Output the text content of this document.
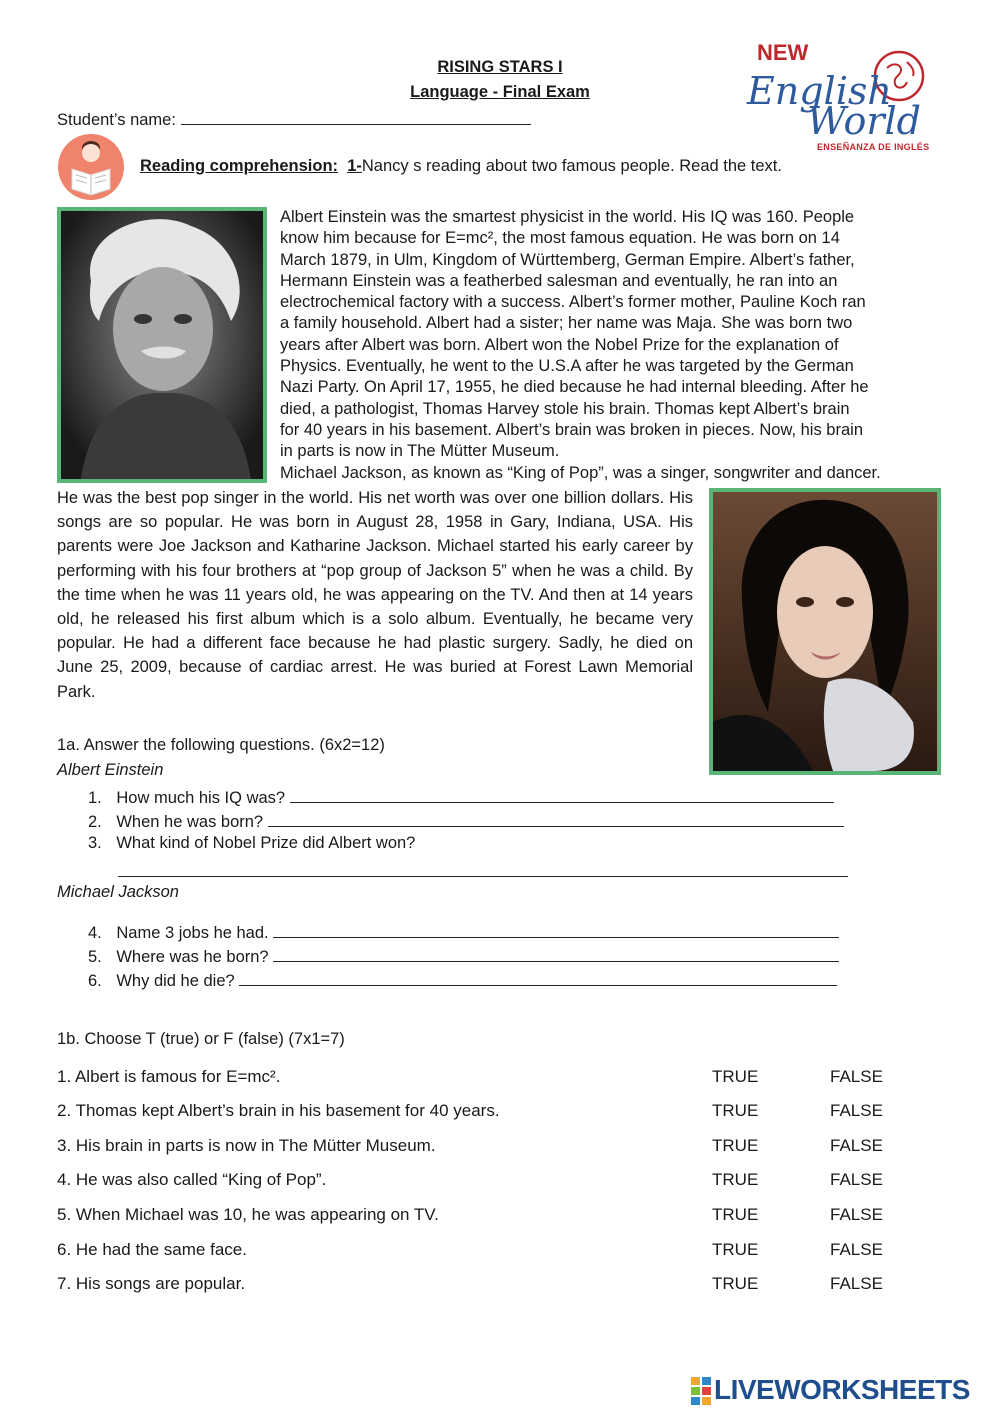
RISING STARS I
Language - Final Exam
Student’s name:
NEW
English
World
ENSEÑANZA DE INGLÉS
Reading comprehension: 1-Nancy s reading about two famous people. Read the text.
Albert Einstein was the smartest physicist in the world. His IQ was 160. People
know him because for E=mc², the most famous equation. He was born on 14
March 1879, in Ulm, Kingdom of Württemberg, German Empire. Albert’s father,
Hermann Einstein was a featherbed salesman and eventually, he ran into an
electrochemical factory with a success. Albert’s former mother, Pauline Koch ran
a family household. Albert had a sister; her name was Maja. She was born two
years after Albert was born. Albert won the Nobel Prize for the explanation of
Physics. Eventually, he went to the U.S.A after he was targeted by the German
Nazi Party. On April 17, 1955, he died because he had internal bleeding. After he
died, a pathologist, Thomas Harvey stole his brain. Thomas kept Albert’s brain
for 40 years in his basement. Albert’s brain was broken in pieces. Now, his brain
in parts is now in The Mütter Museum.
Michael Jackson, as known as “King of Pop”, was a singer, songwriter and dancer.
He was the best pop singer in the world. His net worth was over one billion dollars. His songs are so popular. He was born in August 28, 1958 in Gary, Indiana, USA. His parents were Joe Jackson and Katharine Jackson. Michael started his early career by performing with his four brothers at “pop group of Jackson 5” when he was a child. By the time when he was 11 years old, he was appearing on the TV. And then at 14 years old, he released his first album which is a solo album. Eventually, he became very popular. He had a different face because he had plastic surgery. Sadly, he died on June 25, 2009, because of cardiac arrest. He was buried at Forest Lawn Memorial Park.
1a. Answer the following questions. (6x2=12)
Albert Einstein
1. How much his IQ was?
2. When he was born?
3. What kind of Nobel Prize did Albert won?
Michael Jackson
4. Name 3 jobs he had.
5. Where was he born?
6. Why did he die?
1b. Choose T (true) or F (false) (7x1=7)
1. Albert is famous for E=mc².	TRUE	FALSE
2. Thomas kept Albert’s brain in his basement for 40 years.	TRUE	FALSE
3. His brain in parts is now in The Mütter Museum.	TRUE	FALSE
4. He was also called “King of Pop”.	TRUE	FALSE
5. When Michael was 10, he was appearing on TV.	TRUE	FALSE
6. He had the same face.	TRUE	FALSE
7. His songs are popular.	TRUE	FALSE
LIVEWORKSHEETS
